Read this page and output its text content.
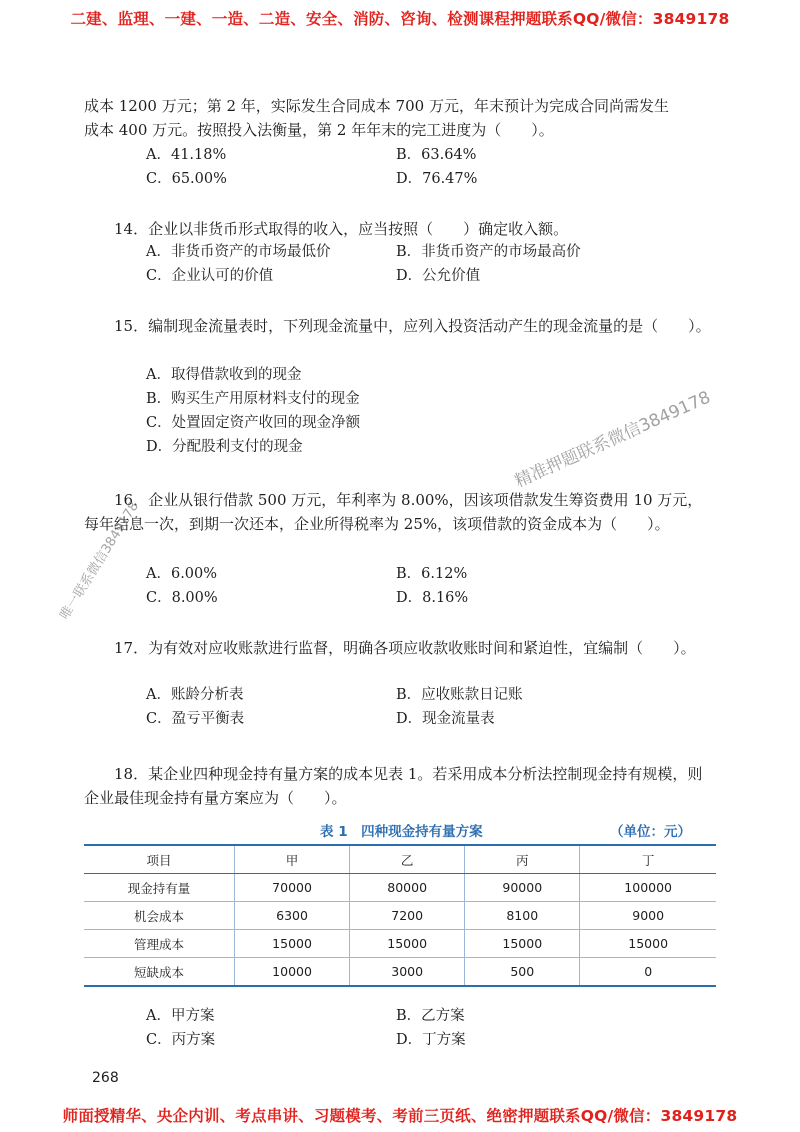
二建、监理、一建、一造、二造、安全、消防、咨询、检测课程押题联系QQ/微信：3849178
成本 1200 万元；第 2 年，实际发生合同成本 700 万元，年末预计为完成合同尚需发生
成本 400 万元。按照投入法衡量，第 2 年年末的完工进度为（　　）。
A．41.18%	B．63.64%
C．65.00%	D．76.47%
14．企业以非货币形式取得的收入，应当按照（　　）确定收入额。
A．非货币资产的市场最低价	B．非货币资产的市场最高价
C．企业认可的价值	D．公允价值
15．编制现金流量表时，下列现金流量中，应列入投资活动产生的现金流量的是（　　）。
A．取得借款收到的现金
B．购买生产用原材料支付的现金
C．处置固定资产收回的现金净额
D．分配股利支付的现金
16．企业从银行借款 500 万元，年利率为 8.00%，因该项借款发生筹资费用 10 万元，每年结息一次，到期一次还本，企业所得税率为 25%，该项借款的资金成本为（　　）。
A．6.00%	B．6.12%
C．8.00%	D．8.16%
17．为有效对应收账款进行监督，明确各项应收款收账时间和紧迫性，宜编制（　　）。
A．账龄分析表	B．应收账款日记账
C．盈亏平衡表	D．现金流量表
18．某企业四种现金持有量方案的成本见表 1。若采用成本分析法控制现金持有规模，则企业最佳现金持有量方案应为（　　）。
表 1　四种现金持有量方案	（单位：元）
项目	甲	乙	丙	丁
现金持有量	70000	80000	90000	100000
机会成本	6300	7200	8100	9000
管理成本	15000	15000	15000	15000
短缺成本	10000	3000	500	0
A．甲方案	B．乙方案
C．丙方案	D．丁方案
精准押题联系微信3849178
唯一联系微信3849178
268
师面授精华、央企内训、考点串讲、习题模考、考前三页纸、绝密押题联系QQ/微信：3849178
